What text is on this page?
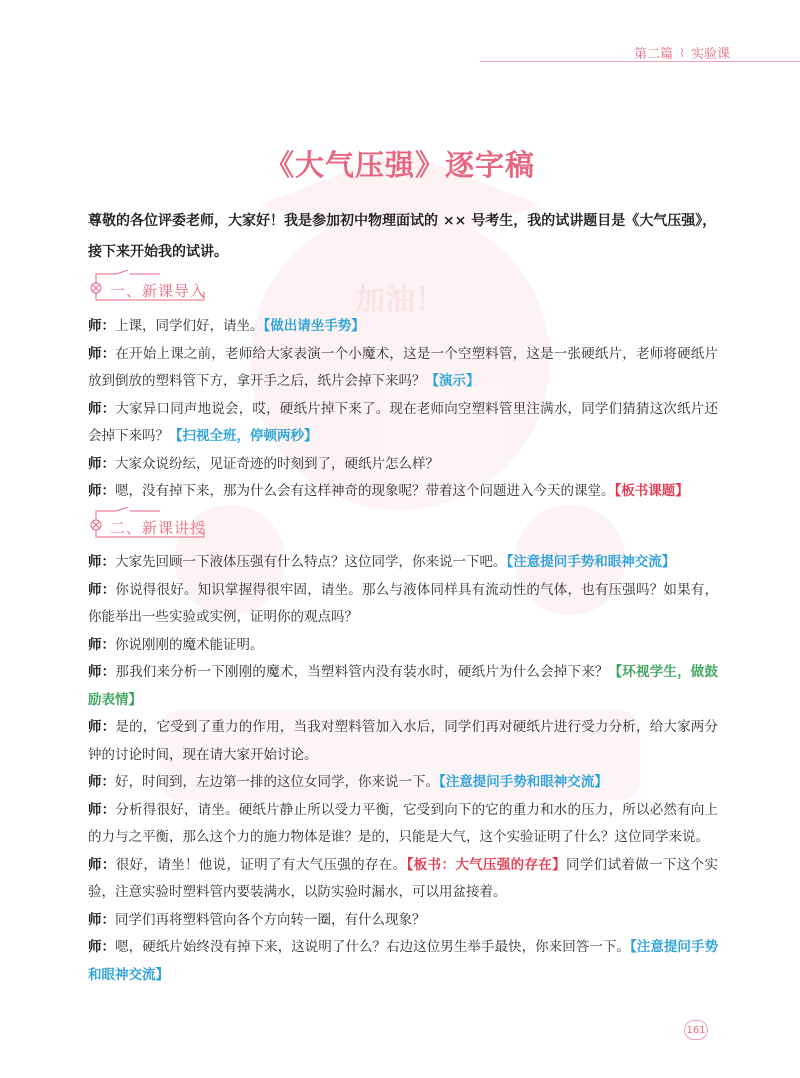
加油！
第二篇 ⌇ 实验课
《大气压强》逐字稿
尊敬的各位评委老师，大家好！我是参加初中物理面试的 ×× 号考生，我的试讲题目是《大气压强》，接下来开始我的试讲。
一、新课导入

师：上课，同学们好，请坐。【做出请坐手势】

师：在开始上课之前，老师给大家表演一个小魔术，这是一个空塑料管，这是一张硬纸片，老师将硬纸片放到倒放的塑料管下方，拿开手之后，纸片会掉下来吗？【演示】

师：大家异口同声地说会，哎，硬纸片掉下来了。现在老师向空塑料管里注满水，同学们猜猜这次纸片还会掉下来吗？【扫视全班，停顿两秒】

师：大家众说纷纭，见证奇迹的时刻到了，硬纸片怎么样？

师：嗯，没有掉下来，那为什么会有这样神奇的现象呢？带着这个问题进入今天的课堂。【板书课题】

二、新课讲授

师：大家先回顾一下液体压强有什么特点？这位同学，你来说一下吧。【注意提问手势和眼神交流】

师：你说得很好。知识掌握得很牢固，请坐。那么与液体同样具有流动性的气体，也有压强吗？如果有，你能举出一些实验或实例，证明你的观点吗？

师：你说刚刚的魔术能证明。

师：那我们来分析一下刚刚的魔术，当塑料管内没有装水时，硬纸片为什么会掉下来？【环视学生，做鼓励表情】

师：是的，它受到了重力的作用，当我对塑料管加入水后，同学们再对硬纸片进行受力分析，给大家两分钟的讨论时间，现在请大家开始讨论。

师：好，时间到，左边第一排的这位女同学，你来说一下。【注意提问手势和眼神交流】

师：分析得很好，请坐。硬纸片静止所以受力平衡，它受到向下的它的重力和水的压力，所以必然有向上的力与之平衡，那么这个力的施力物体是谁？是的，只能是大气，这个实验证明了什么？这位同学来说。

师：很好，请坐！他说，证明了有大气压强的存在。【板书：大气压强的存在】同学们试着做一下这个实验，注意实验时塑料管内要装满水，以防实验时漏水，可以用盆接着。

师：同学们再将塑料管向各个方向转一圈，有什么现象？

师：嗯，硬纸片始终没有掉下来，这说明了什么？右边这位男生举手最快，你来回答一下。【注意提问手势和眼神交流】

161
